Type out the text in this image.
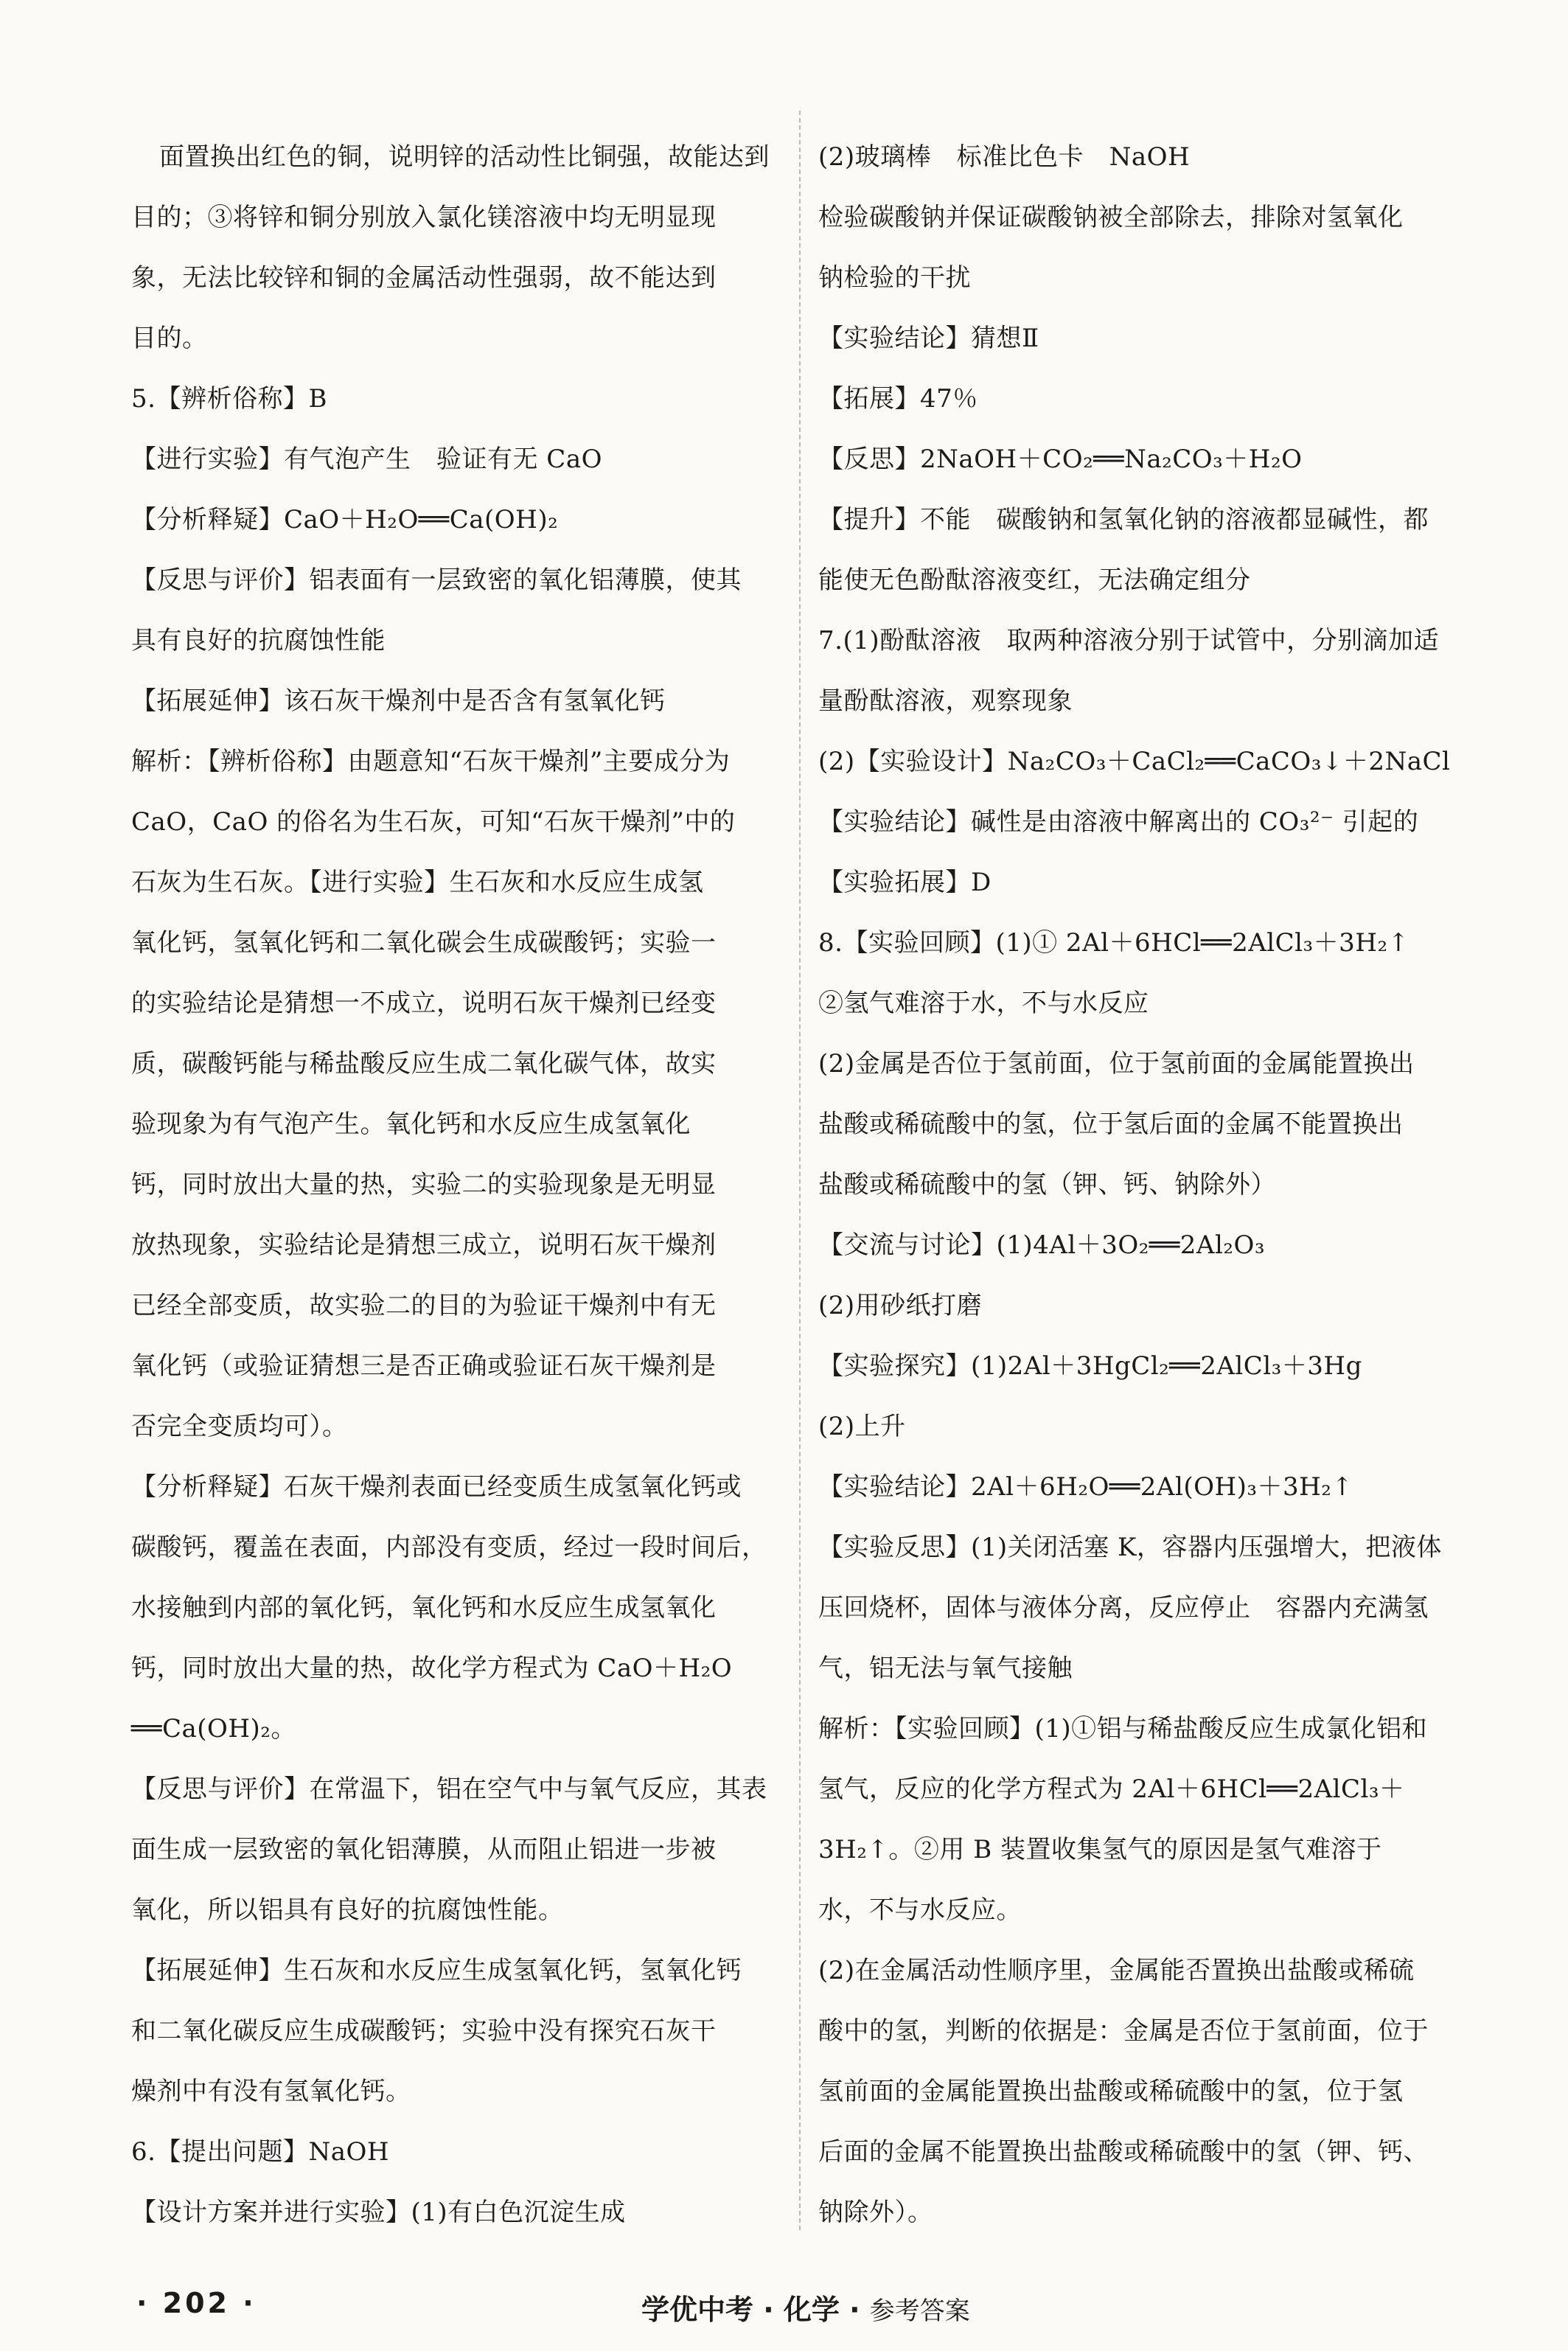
面置换出红色的铜，说明锌的活动性比铜强，故能达到
目的；③将锌和铜分别放入氯化镁溶液中均无明显现
象，无法比较锌和铜的金属活动性强弱，故不能达到
目的。
5.【辨析俗称】B
【进行实验】有气泡产生　验证有无 CaO
【分析释疑】CaO＋H₂O══Ca(OH)₂
【反思与评价】铝表面有一层致密的氧化铝薄膜，使其
具有良好的抗腐蚀性能
【拓展延伸】该石灰干燥剂中是否含有氢氧化钙
解析：【辨析俗称】由题意知“石灰干燥剂”主要成分为
CaO，CaO 的俗名为生石灰，可知“石灰干燥剂”中的
石灰为生石灰。【进行实验】生石灰和水反应生成氢
氧化钙，氢氧化钙和二氧化碳会生成碳酸钙；实验一
的实验结论是猜想一不成立，说明石灰干燥剂已经变
质，碳酸钙能与稀盐酸反应生成二氧化碳气体，故实
验现象为有气泡产生。氧化钙和水反应生成氢氧化
钙，同时放出大量的热，实验二的实验现象是无明显
放热现象，实验结论是猜想三成立，说明石灰干燥剂
已经全部变质，故实验二的目的为验证干燥剂中有无
氧化钙（或验证猜想三是否正确或验证石灰干燥剂是
否完全变质均可）。
【分析释疑】石灰干燥剂表面已经变质生成氢氧化钙或
碳酸钙，覆盖在表面，内部没有变质，经过一段时间后，
水接触到内部的氧化钙，氧化钙和水反应生成氢氧化
钙，同时放出大量的热，故化学方程式为 CaO＋H₂O
══Ca(OH)₂。
【反思与评价】在常温下，铝在空气中与氧气反应，其表
面生成一层致密的氧化铝薄膜，从而阻止铝进一步被
氧化，所以铝具有良好的抗腐蚀性能。
【拓展延伸】生石灰和水反应生成氢氧化钙，氢氧化钙
和二氧化碳反应生成碳酸钙；实验中没有探究石灰干
燥剂中有没有氢氧化钙。
6.【提出问题】NaOH
【设计方案并进行实验】(1)有白色沉淀生成
(2)玻璃棒　标准比色卡　NaOH
检验碳酸钠并保证碳酸钠被全部除去，排除对氢氧化
钠检验的干扰
【实验结论】猜想Ⅱ
【拓展】47％
【反思】2NaOH＋CO₂══Na₂CO₃＋H₂O
【提升】不能　碳酸钠和氢氧化钠的溶液都显碱性，都
能使无色酚酞溶液变红，无法确定组分
7.(1)酚酞溶液　取两种溶液分别于试管中，分别滴加适
量酚酞溶液，观察现象
(2)【实验设计】Na₂CO₃＋CaCl₂══CaCO₃↓＋2NaCl
【实验结论】碱性是由溶液中解离出的 CO₃²⁻ 引起的
【实验拓展】D
8.【实验回顾】(1)① 2Al＋6HCl══2AlCl₃＋3H₂↑
②氢气难溶于水，不与水反应
(2)金属是否位于氢前面，位于氢前面的金属能置换出
盐酸或稀硫酸中的氢，位于氢后面的金属不能置换出
盐酸或稀硫酸中的氢（钾、钙、钠除外）
【交流与讨论】(1)4Al＋3O₂══2Al₂O₃
(2)用砂纸打磨
【实验探究】(1)2Al＋3HgCl₂══2AlCl₃＋3Hg
(2)上升
【实验结论】2Al＋6H₂O══2Al(OH)₃＋3H₂↑
【实验反思】(1)关闭活塞 K，容器内压强增大，把液体
压回烧杯，固体与液体分离，反应停止　容器内充满氢
气，铝无法与氧气接触
解析：【实验回顾】(1)①铝与稀盐酸反应生成氯化铝和
氢气，反应的化学方程式为 2Al＋6HCl══2AlCl₃＋
3H₂↑。②用 B 装置收集氢气的原因是氢气难溶于
水，不与水反应。
(2)在金属活动性顺序里，金属能否置换出盐酸或稀硫
酸中的氢，判断的依据是：金属是否位于氢前面，位于
氢前面的金属能置换出盐酸或稀硫酸中的氢，位于氢
后面的金属不能置换出盐酸或稀硫酸中的氢（钾、钙、
钠除外）。
· 202 ·	学优中考 · 化学 · 参考答案
